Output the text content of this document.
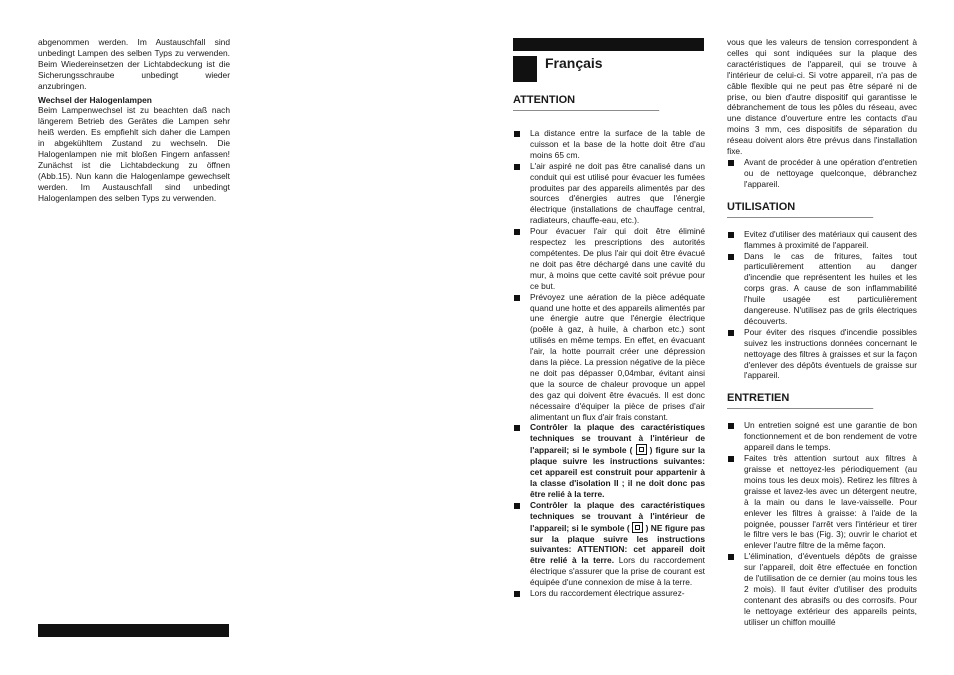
abgenommen werden. Im Austauschfall sind unbedingt Lampen des selben Typs zu verwenden. Beim Wiedereinsetzen der Lichtabdeckung ist die Sicherungsschraube unbedingt wieder anzubringen.

Wechsel der Halogenlampen

Beim Lampenwechsel ist zu beachten daß nach längerem Betrieb des Gerätes die Lampen sehr heiß werden. Es empfiehlt sich daher die Lampen in abgekühltem Zustand zu wechseln. Die Halogenlampen nie mit bloßen Fingern anfassen! Zunächst ist die Lichtabdeckung zu öffnen (Abb.15). Nun kann die Halogenlampe gewechselt werden. Im Austauschfall sind unbedingt Halogenlampen des selben Typs zu verwenden.

Français
ATTENTION
—————————————————————————
La distance entre la surface de la table de cuisson et la base de la hotte doit être d'au moins 65 cm.
L'air aspiré ne doit pas être canalisé dans un conduit qui est utilisé pour évacuer les fumées produites par des appareils alimentés par des sources d'énergies autres que l'énergie électrique (installations de chauffage central, radiateurs, chauffe-eau, etc.).
Pour évacuer l'air qui doit être éliminé respectez les prescriptions des autorités compétentes. De plus l'air qui doit être évacué ne doit pas être déchargé dans une cavité du mur, à moins que cette cavité soit prévue pour ce but.
Prévoyez une aération de la pièce adéquate quand une hotte et des appareils alimentés par une énergie autre que l'énergie électrique (poêle à gaz, à huile, à charbon etc.) sont utilisés en même temps. En effet, en évacuant l'air, la hotte pourrait créer une dépression dans la pièce. La pression négative de la pièce ne doit pas dépasser 0,04mbar, évitant ainsi que la source de chaleur provoque un appel des gaz qui doivent être évacués. Il est donc nécessaire d'équiper la pièce de prises d'air alimentant un flux d'air frais constant.
Contrôler la plaque des caractéristiques techniques se trouvant à l'intérieur de l'appareil; si le symbole ( ) figure sur la plaque suivre les instructions suivantes: cet appareil est construit pour appartenir à la classe d'isolation II ; il ne doit donc pas être relié à la terre.
Contrôler la plaque des caractéristiques techniques se trouvant à l'intérieur de l'appareil; si le symbole ( ) NE figure pas sur la plaque suivre les instructions suivantes: ATTENTION: cet appareil doit être relié à la terre. Lors du raccordement électrique s'assurer que la prise de courant est équipée d'une connexion de mise à la terre.
Lors du raccordement électrique assurez-
vous que les valeurs de tension correspondent à celles qui sont indiquées sur la plaque des caractéristiques de l'appareil, qui se trouve à l'intérieur de celui-ci. Si votre appareil, n'a pas de câble flexible qui ne peut pas être séparé ni de prise, ou bien d'autre dispositif qui garantisse le débranchement de tous les pôles du réseau, avec une distance d'ouverture entre les contacts d'au moins 3 mm, ces dispositifs de séparation du réseau doivent alors être prévus dans l'installation fixe.
Avant de procéder à une opération d'entretien ou de nettoyage quelconque, débranchez l'appareil.
UTILISATION
—————————————————————————
Evitez d'utiliser des matériaux qui causent des flammes à proximité de l'appareil.
Dans le cas de fritures, faites tout particulièrement attention au danger d'incendie que représentent les huiles et les corps gras. A cause de son inflammabilité l'huile usagée est particulièrement dangereuse. N'utilisez pas de grils électriques découverts.
Pour éviter des risques d'incendie possibles suivez les instructions données concernant le nettoyage des filtres à graisses et sur la façon d'enlever des dépôts éventuels de graisse sur l'appareil.
ENTRETIEN
—————————————————————————
Un entretien soigné est une garantie de bon fonctionnement et de bon rendement de votre appareil dans le temps.
Faites très attention surtout aux filtres à graisse et nettoyez-les périodiquement (au moins tous les deux mois). Retirez les filtres à graisse et lavez-les avec un détergent neutre, à la main ou dans le lave-vaisselle. Pour enlever les filtres à graisse: à l'aide de la poignée, pousser l'arrêt vers l'intérieur et tirer le filtre vers le bas (Fig. 3); ouvrir le chariot et enlever l'autre filtre de la même façon.
L'élimination, d'éventuels dépôts de graisse sur l'appareil, doit être effectuée en fonction de l'utilisation de ce dernier (au moins tous les 2 mois). Il faut éviter d'utiliser des produits contenant des abrasifs ou des corrosifs. Pour le nettoyage extérieur des appareils peints, utiliser un chiffon mouillé
